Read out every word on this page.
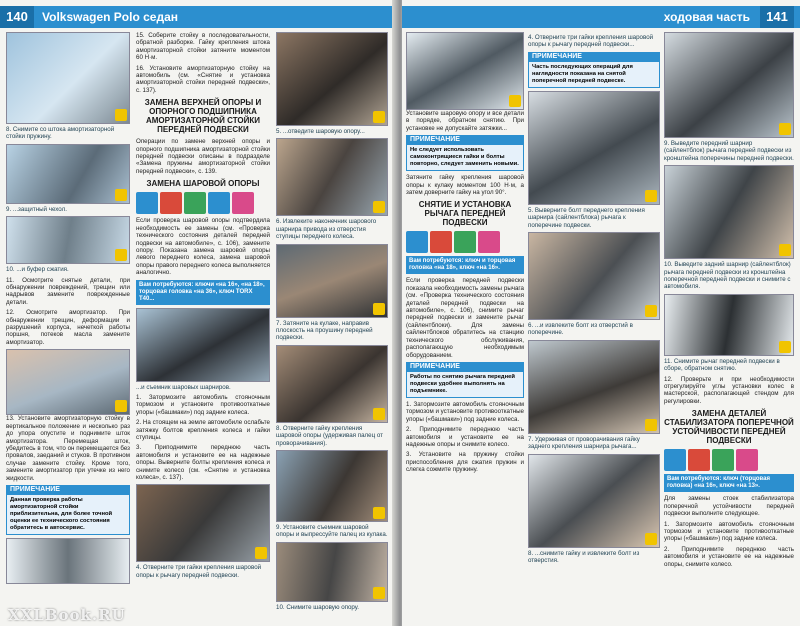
140	Volkswagen Polo седан
8. Снимите со штока амортизаторной стойки пружину.
9. ...защитный чехол.
10. ...и буфер сжатия.
11. Осмотрите снятые детали, при обнаружении повреждений, трещин или надрывов замените поврежденные детали.
12. Осмотрите амортизатор. При обнаружении трещин, деформации и разрушений корпуса, нечеткой работы поршня, потеков масла замените амортизатор.
13. Установите амортизаторную стойку в вертикальное положение и несколько раз до упора опустите и поднимите шток амортизатора. Перемещая шток, убедитесь в том, что он перемещается без провалов, заеданий и стуков. В противном случае замените стойку. Кроме того, замените амортизатор при утечке из него жидкости.
ПРИМЕЧАНИЕ
Данная проверка работы амортизаторной стойки приблизительна, для более точной оценки ее технического состояния обратитесь в автосервис.
15. Соберите стойку в последовательности, обратной разборке. Гайку крепления штока амортизаторной стойки затяните моментом 60 Н·м.
16. Установите амортизаторную стойку на автомобиль (см. «Снятие и установка амортизаторной стойки передней подвески», с. 137).
ЗАМЕНА ВЕРХНЕЙ ОПОРЫ И ОПОРНОГО ПОДШИПНИКА АМОРТИЗАТОРНОЙ СТОЙКИ ПЕРЕДНЕЙ ПОДВЕСКИ
Операции по замене верхней опоры и опорного подшипника амортизаторной стойки передней подвески описаны в подразделе «Замена пружины амортизаторной стойки передней подвески», с. 139.
ЗАМЕНА ШАРОВОЙ ОПОРЫ
Если проверка шаровой опоры подтвердила необходимость ее замены (см. «Проверка технического состояния деталей передней подвески на автомобиле», с. 106), замените опору. Показана замена шаровой опоры левого переднего колеса, замена шаровой опоры правого переднего колеса выполняется аналогично.
Вам потребуются: ключи «на 16», «на 18», торцовая головка «на 36», ключ TORX T40...
...и съемник шаровых шарниров.
1. Затормозите автомобиль стояночным тормозом и установите противооткатные упоры («башмаки») под задние колеса.
2. На стоящем на земле автомобиле ослабьте затяжку болтов крепления колеса и гайки ступицы.
3. Приподнимите переднюю часть автомобиля и установите ее на надежные опоры. Выверните болты крепления колеса и снимите колесо (см. «Снятие и установка колеса», с. 137).
4. Отверните три гайки крепления шаровой опоры к рычагу передней подвески.
5. ...отведите шаровую опору...
6. Извлеките наконечник шарового шарнира привода из отверстия ступицы переднего колеса.
7. Затяните на кулаке, направив плоскость на проушину передней подвески.
8. Отверните гайку крепления шаровой опоры (удерживая палец от проворачивания).
9. Установите съемник шаровой опоры и выпрессуйте палец из кулака.
10. Снимите шаровую опору.
XXLBook.RU
Установите шаровую опору и все детали в порядке, обратном снятию. При установке не допускайте затяжки...
ПРИМЕЧАНИЕ
Не следует использовать самоконтрящиеся гайки и болты повторно, следует заменить новыми.
Затяните гайку крепления шаровой опоры к кулаку моментом 100 Н·м, а затем доверните гайку на угол 90°.
СНЯТИЕ И УСТАНОВКА РЫЧАГА ПЕРЕДНЕЙ ПОДВЕСКИ
Вам потребуются: ключ и торцовая головка «на 18», ключ «на 16».
Если проверка передней подвески показала необходимость замены рычага (см. «Проверка технического состояния деталей передней подвески на автомобиле», с. 106), снимите рычаг передней подвески и замените рычаг (сайлентблоки). Для замены сайлентблоков обратитесь на станцию технического обслуживания, располагающую необходимым оборудованием.
ПРИМЕЧАНИЕ
Работы по снятию рычага передней подвески удобнее выполнять на подъемнике.
1. Затормозите автомобиль стояночным тормозом и установите противооткатные упоры («башмаки») под задние колеса.
2. Приподнимите переднюю часть автомобиля и установите ее на надежные опоры и снимите колесо.
3. Установите на пружину стойки приспособления для сжатия пружин и слегка сожмите пружину.
4. Отверните три гайки крепления шаровой опоры к рычагу передней подвески...
ПРИМЕЧАНИЕ
Часть последующих операций для наглядности показана на снятой поперечной передней подвеске.
5. Выверните болт переднего крепления шарнира (сайлентблока) рычага к поперечине подвески.
6. ...и извлеките болт из отверстий в поперечине.
7. Удерживая от проворачивания гайку заднего крепления шарнира рычага...
8. ...снимите гайку и извлеките болт из отверстия.
9. Выведите передний шарнир (сайлентблок) рычага передней подвески из кронштейна поперечины передней подвески.
10. Выведите задний шарнир (сайлентблок) рычага передней подвески из кронштейна поперечной передней подвески и снимите с автомобиля.
11. Снимите рычаг передней подвески в сборе, обратном снятию.
12. Проверьте и при необходимости отрегулируйте углы установки колес в мастерской, располагающей стендом для регулировки.
ЗАМЕНА ДЕТАЛЕЙ СТАБИЛИЗАТОРА ПОПЕРЕЧНОЙ УСТОЙЧИВОСТИ ПЕРЕДНЕЙ ПОДВЕСКИ
Вам потребуются: ключ (торцовая головка) «на 16», ключ «на 13».
Для замены стоек стабилизатора поперечной устойчивости передней подвески выполните следующее.
1. Затормозите автомобиль стояночным тормозом и установите противооткатные упоры («башмаки») под задние колеса.
2. Приподнимите переднюю часть автомобиля и установите ее на надежные опоры, снимите колесо.
ходовая часть	141
